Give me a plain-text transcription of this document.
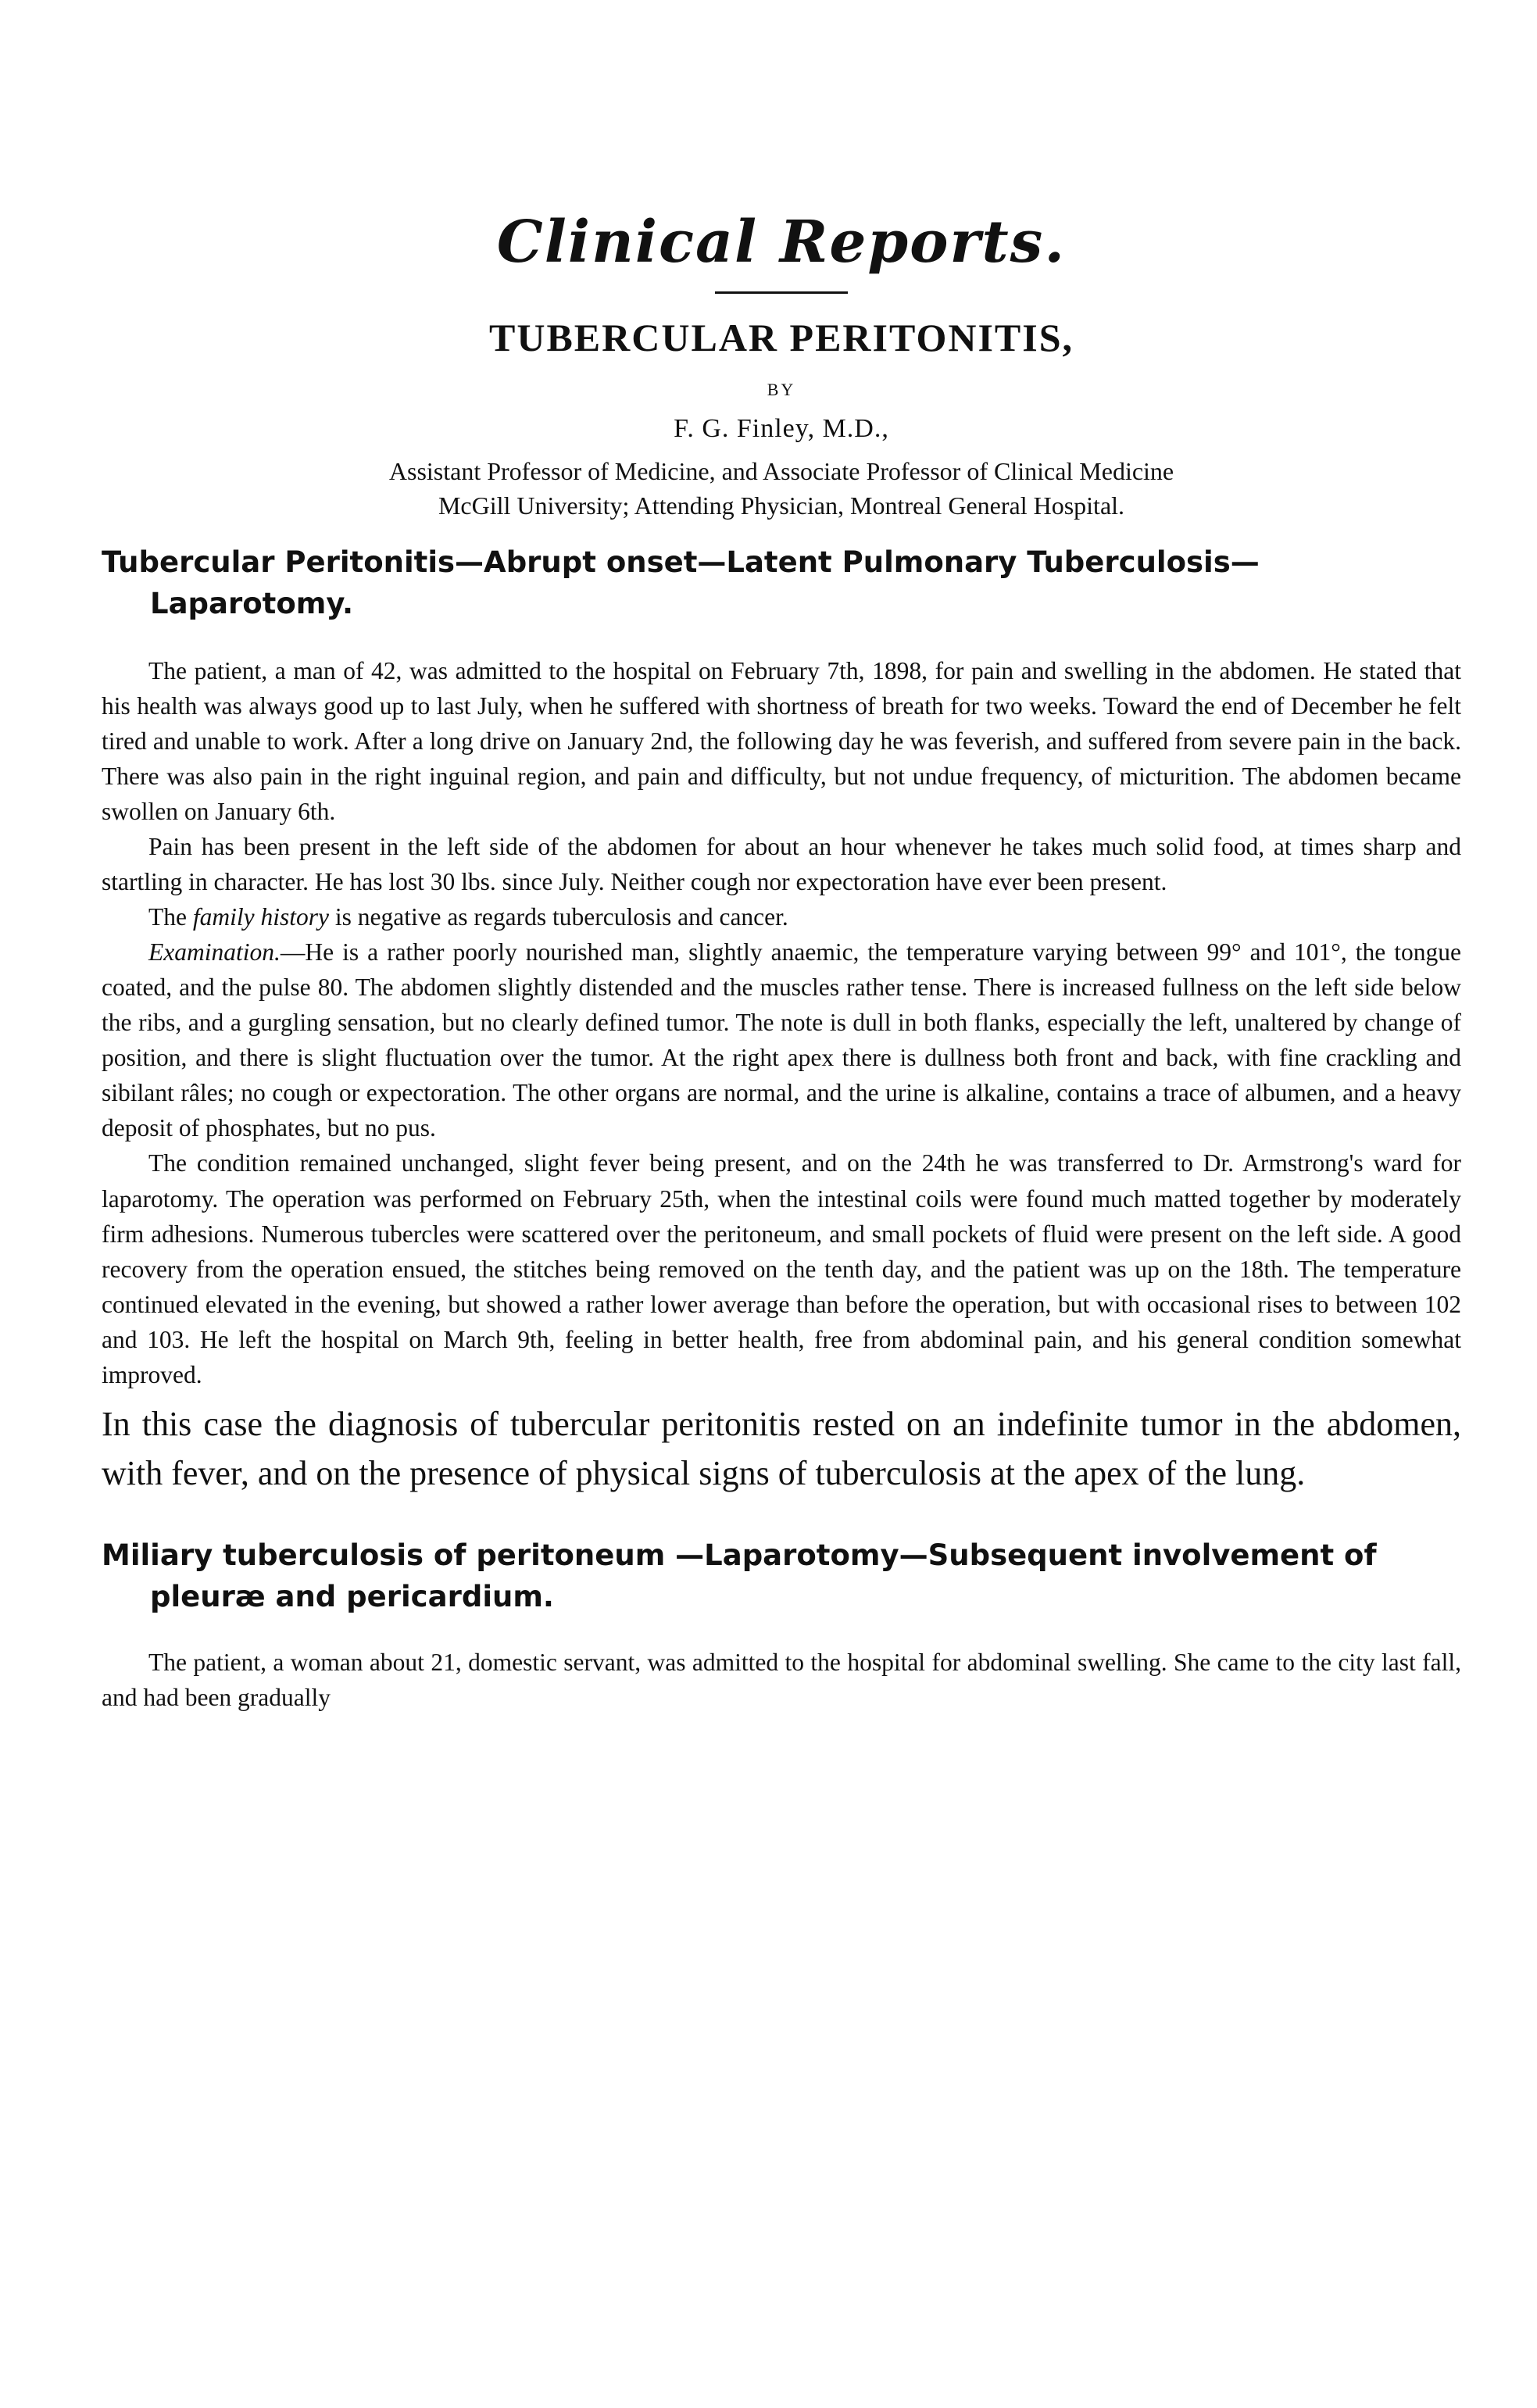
Clinical Reports.
TUBERCULAR PERITONITIS,
BY
F. G. Finley, M.D.,
Assistant Professor of Medicine, and Associate Professor of Clinical Medicine
McGill University; Attending Physician, Montreal General Hospital.
Tubercular Peritonitis—Abrupt onset—Latent Pulmonary Tuberculosis—Laparotomy.

The patient, a man of 42, was admitted to the hospital on February 7th, 1898, for pain and swelling in the abdomen. He stated that his health was always good up to last July, when he suffered with shortness of breath for two weeks. Toward the end of December he felt tired and unable to work. After a long drive on January 2nd, the following day he was feverish, and suffered from severe pain in the back. There was also pain in the right inguinal region, and pain and difficulty, but not undue frequency, of micturition. The abdomen became swollen on January 6th.

Pain has been present in the left side of the abdomen for about an hour whenever he takes much solid food, at times sharp and startling in character. He has lost 30 lbs. since July. Neither cough nor expectoration have ever been present.

The family history is negative as regards tuberculosis and cancer.

Examination.—He is a rather poorly nourished man, slightly anaemic, the temperature varying between 99° and 101°, the tongue coated, and the pulse 80. The abdomen slightly distended and the muscles rather tense. There is increased fullness on the left side below the ribs, and a gurgling sensation, but no clearly defined tumor. The note is dull in both flanks, especially the left, unaltered by change of position, and there is slight fluctuation over the tumor. At the right apex there is dullness both front and back, with fine crackling and sibilant râles; no cough or expectoration. The other organs are normal, and the urine is alkaline, contains a trace of albumen, and a heavy deposit of phosphates, but no pus.

The condition remained unchanged, slight fever being present, and on the 24th he was transferred to Dr. Armstrong's ward for laparotomy. The operation was performed on February 25th, when the intestinal coils were found much matted together by moderately firm adhesions. Numerous tubercles were scattered over the peritoneum, and small pockets of fluid were present on the left side. A good recovery from the operation ensued, the stitches being removed on the tenth day, and the patient was up on the 18th. The temperature continued elevated in the evening, but showed a rather lower average than before the operation, but with occasional rises to between 102 and 103. He left the hospital on March 9th, feeling in better health, free from abdominal pain, and his general condition somewhat improved.

In this case the diagnosis of tubercular peritonitis rested on an indefinite tumor in the abdomen, with fever, and on the presence of physical signs of tuberculosis at the apex of the lung.

Miliary tuberculosis of peritoneum —Laparotomy—Subsequent involvement of pleuræ and pericardium.

The patient, a woman about 21, domestic servant, was admitted to the hospital for abdominal swelling. She came to the city last fall, and had been gradually
